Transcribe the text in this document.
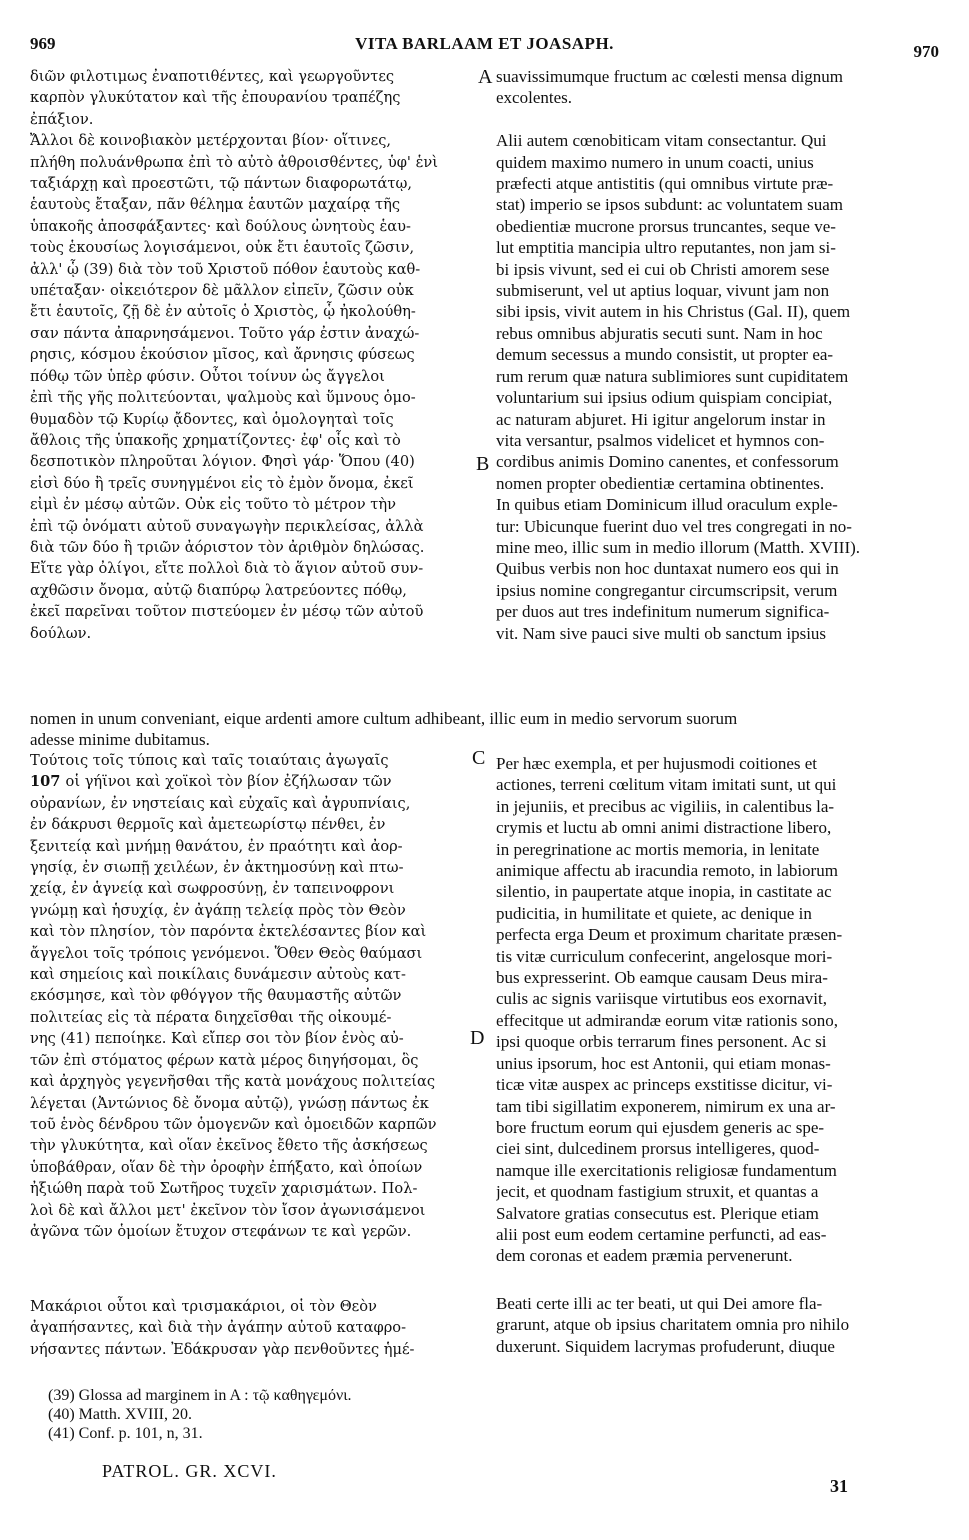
969	VITA BARLAAM ET JOASAPH.	970
A
B
C
D
διῶν φιλοτιμως ἐναποτιθέντες, καὶ γεωργοῦντες
καρπὸν γλυκύτατον καὶ τῆς ἐπουρανίου τραπέζης
ἐπάξιον.
Ἄλλοι δὲ κοινοβιακὸν μετέρχονται βίον· οἵτινες,
πλήθη πολυάνθρωπα ἐπὶ τὸ αὐτὸ ἀθροισθέντες, ὑφ' ἑνὶ
ταξιάρχῃ καὶ προεστῶτι, τῷ πάντων διαφορωτάτῳ,
ἑαυτοὺς ἔταξαν, πᾶν θέλημα ἑαυτῶν μαχαίρᾳ τῆς
ὑπακοῆς ἀποσφάξαντες· καὶ δούλους ὠνητοὺς ἑαυ-
τοὺς ἑκουσίως λογισάμενοι, οὐκ ἔτι ἑαυτοῖς ζῶσιν,
ἀλλ' ᾧ (39) διὰ τὸν τοῦ Χριστοῦ πόθον ἑαυτοὺς καθ-
υπέταξαν· οἰκειότερον δὲ μᾶλλον εἰπεῖν, ζῶσιν οὐκ
ἔτι ἑαυτοῖς, ζῇ δὲ ἐν αὐτοῖς ὁ Χριστὸς, ᾧ ἠκολούθη-
σαν πάντα ἀπαρνησάμενοι. Τοῦτο γάρ ἐστιν ἀναχώ-
ρησις, κόσμου ἑκούσιον μῖσος, καὶ ἄρνησις φύσεως
πόθῳ τῶν ὑπὲρ φύσιν. Οὗτοι τοίνυν ὡς ἄγγελοι
ἐπὶ τῆς γῆς πολιτεύονται, ψαλμοὺς καὶ ὕμνους ὁμο-
θυμαδὸν τῷ Κυρίῳ ᾄδοντες, καὶ ὁμολογηταὶ τοῖς
ἄθλοις τῆς ὑπακοῆς χρηματίζοντες· ἐφ' οἷς καὶ τὸ
δεσποτικὸν πληροῦται λόγιον. Φησὶ γάρ· Ὅπου (40)
εἰσὶ δύο ἢ τρεῖς συνηγμένοι εἰς τὸ ἐμὸν ὄνομα, ἐκεῖ
εἰμὶ ἐν μέσῳ αὐτῶν. Οὐκ εἰς τοῦτο τὸ μέτρον τὴν
ἐπὶ τῷ ὀνόματι αὐτοῦ συναγωγὴν περικλείσας, ἀλλὰ
διὰ τῶν δύο ἢ τριῶν ἀόριστον τὸν ἀριθμὸν δηλώσας.
Εἴτε γὰρ ὀλίγοι, εἴτε πολλοὶ διὰ τὸ ἅγιον αὐτοῦ συν-
αχθῶσιν ὄνομα, αὐτῷ διαπύρῳ λατρεύοντες πόθῳ,
ἐκεῖ παρεῖναι τοῦτον πιστεύομεν ἐν μέσῳ τῶν αὐτοῦ
δούλων.
suavissimumque fructum ac cœlesti mensa dignum
excolentes.

Alii autem cœnobiticam vitam consectantur. Qui
quidem maximo numero in unum coacti, unius
præfecti atque antistitis (qui omnibus virtute præ-
stat) imperio se ipsos subdunt: ac voluntatem suam
obedientiæ mucrone prorsus truncantes, seque ve-
lut emptitia mancipia ultro reputantes, non jam si-
bi ipsis vivunt, sed ei cui ob Christi amorem sese
submiserunt, vel ut aptius loquar, vivunt jam non
sibi ipsis, vivit autem in his Christus (Gal. II), quem
rebus omnibus abjuratis secuti sunt. Nam in hoc
demum secessus a mundo consistit, ut propter ea-
rum rerum quæ natura sublimiores sunt cupiditatem
voluntarium sui ipsius odium quispiam concipiat,
ac naturam abjuret. Hi igitur angelorum instar in
vita versantur, psalmos videlicet et hymnos con-
cordibus animis Domino canentes, et confessorum
nomen propter obedientiæ certamina obtinentes.
In quibus etiam Dominicum illud oraculum exple-
tur: Ubicunque fuerint duo vel tres congregati in no-
mine meo, illic sum in medio illorum (Matth. XVIII).
Quibus verbis non hoc duntaxat numero eos qui in
ipsius nomine congregantur circumscripsit, verum
per duos aut tres indefinitum numerum significa-
vit. Nam sive pauci sive multi ob sanctum ipsius
nomen in unum conveniant, eique ardenti amore cultum adhibeant, illic eum in medio servorum suorum
adesse minime dubitamus.
Τούτοις τοῖς τύποις καὶ ταῖς τοιαύταις ἀγωγαῖς
107 οἱ γήϊνοι καὶ χοϊκοὶ τὸν βίον ἐζήλωσαν τῶν
οὐρανίων, ἐν νηστείαις καὶ εὐχαῖς καὶ ἀγρυπνίαις,
ἐν δάκρυσι θερμοῖς καὶ ἀμετεωρίστῳ πένθει, ἐν
ξενιτείᾳ καὶ μνήμῃ θανάτου, ἐν πραότητι καὶ ἀορ-
γησίᾳ, ἐν σιωπῇ χειλέων, ἐν ἀκτημοσύνῃ καὶ πτω-
χείᾳ, ἐν ἁγνείᾳ καὶ σωφροσύνῃ, ἐν ταπεινοφρονι
γνώμῃ καὶ ἡσυχίᾳ, ἐν ἀγάπῃ τελείᾳ πρὸς τὸν Θεὸν
καὶ τὸν πλησίον, τὸν παρόντα ἐκτελέσαντες βίον καὶ
ἄγγελοι τοῖς τρόποις γενόμενοι. Ὅθεν Θεὸς θαύμασι
καὶ σημείοις καὶ ποικίλαις δυνάμεσιν αὐτοὺς κατ-
εκόσμησε, καὶ τὸν φθόγγον τῆς θαυμαστῆς αὐτῶν
πολιτείας εἰς τὰ πέρατα διηχεῖσθαι τῆς οἰκουμέ-
νης (41) πεποίηκε. Καὶ εἴπερ σοι τὸν βίον ἑνὸς αὐ-
τῶν ἐπὶ στόματος φέρων κατὰ μέρος διηγήσομαι, ὃς
καὶ ἀρχηγὸς γεγενῆσθαι τῆς κατὰ μονάχους πολιτείας
λέγεται (Ἀντώνιος δὲ ὄνομα αὐτῷ), γνώσῃ πάντως ἐκ
τοῦ ἑνὸς δένδρου τῶν ὁμογενῶν καὶ ὁμοειδῶν καρπῶν
τὴν γλυκύτητα, καὶ οἵαν ἐκεῖνος ἔθετο τῆς ἀσκήσεως
ὑποβάθραν, οἵαν δὲ τὴν ὀροφὴν ἐπήξατο, καὶ ὁποίων
ἠξιώθη παρὰ τοῦ Σωτῆρος τυχεῖν χαρισμάτων. Πολ-
λοὶ δὲ καὶ ἄλλοι μετ' ἐκεῖνον τὸν ἴσον ἀγωνισάμενοι
ἀγῶνα τῶν ὁμοίων ἔτυχον στεφάνων τε καὶ γερῶν.
Per hæc exempla, et per hujusmodi coitiones et
actiones, terreni cœlitum vitam imitati sunt, ut qui
in jejuniis, et precibus ac vigiliis, in calentibus la-
crymis et luctu ab omni animi distractione libero,
in peregrinatione ac mortis memoria, in lenitate
animique affectu ab iracundia remoto, in labiorum
silentio, in paupertate atque inopia, in castitate ac
pudicitia, in humilitate et quiete, ac denique in
perfecta erga Deum et proximum charitate præsen-
tis vitæ curriculum confecerint, angelosque mori-
bus expresserint. Ob eamque causam Deus mira-
culis ac signis variisque virtutibus eos exornavit,
effecitque ut admirandæ eorum vitæ rationis sono,
ipsi quoque orbis terrarum fines personent. Ac si
unius ipsorum, hoc est Antonii, qui etiam monas-
ticæ vitæ auspex ac princeps exstitisse dicitur, vi-
tam tibi sigillatim exponerem, nimirum ex una ar-
bore fructum eorum qui ejusdem generis ac spe-
ciei sint, dulcedinem prorsus intelligeres, quod-
namque ille exercitationis religiosæ fundamentum
jecit, et quodnam fastigium struxit, et quantas a
Salvatore gratias consecutus est. Plerique etiam
alii post eum eodem certamine perfuncti, ad eas-
dem coronas et eadem præmia pervenerunt.
Μακάριοι οὗτοι καὶ τρισμακάριοι, οἱ τὸν Θεὸν
ἀγαπήσαντες, καὶ διὰ τὴν ἀγάπην αὐτοῦ καταφρο-
νήσαντες πάντων. Ἐδάκρυσαν γὰρ πενθοῦντες ἡμέ-
Beati certe illi ac ter beati, ut qui Dei amore fla-
grarunt, atque ob ipsius charitatem omnia pro nihilo
duxerunt. Siquidem lacrymas profuderunt, diuque
(39) Glossa ad marginem in A : τῷ καθηγεμόνι.
(40) Matth. XVIII, 20.
(41) Conf. p. 101, n, 31.
PATROL. GR. XCVI.
31
